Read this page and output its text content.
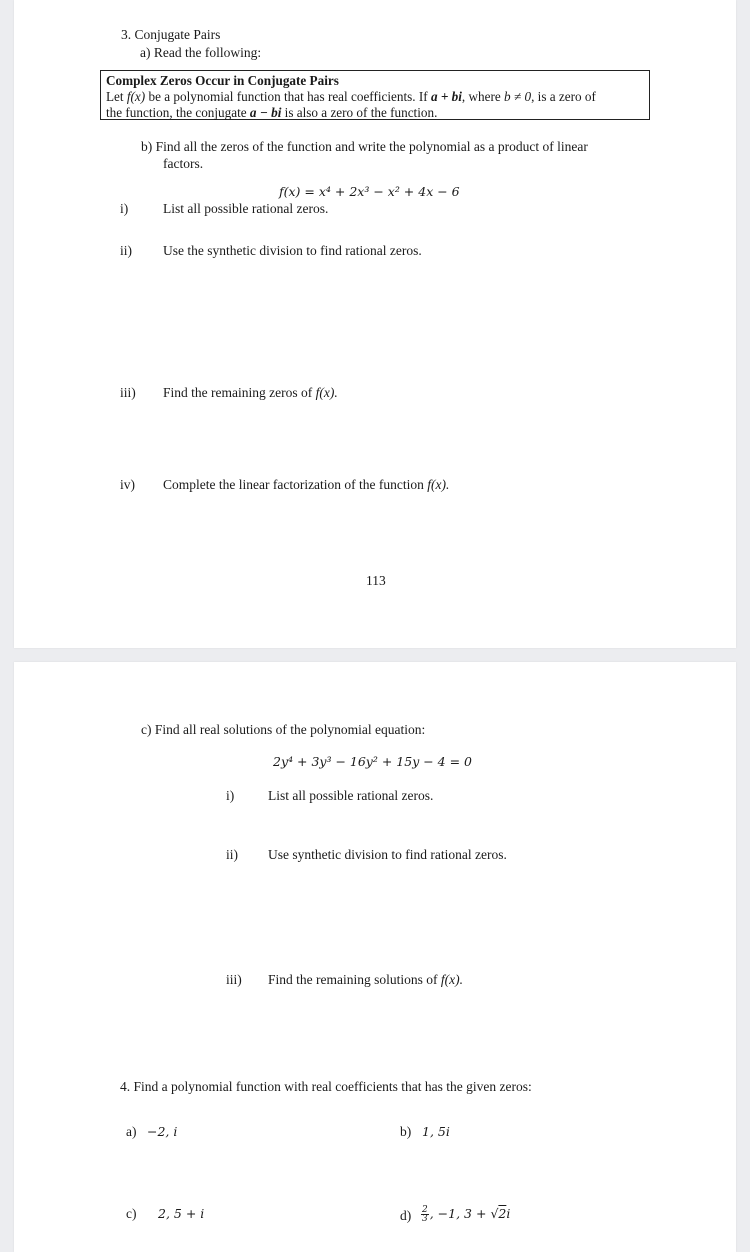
3. Conjugate Pairs
a) Read the following:
Complex Zeros Occur in Conjugate Pairs
Let f(x) be a polynomial function that has real coefficients. If a + bi, where b ≠ 0, is a zero of
the function, the conjugate a − bi is also a zero of the function.
b) Find all the zeros of the function and write the polynomial as a product of linear
factors.
f(x) = x⁴ + 2x³ − x² + 4x − 6
i)	List all possible rational zeros.
ii) Use the synthetic division to find rational zeros.
iii) Find the remaining zeros of f(x).
iv) Complete the linear factorization of the function f(x).
113
c) Find all real solutions of the polynomial equation:
2y⁴ + 3y³ − 16y² + 15y − 4 = 0
i)	List all possible rational zeros.
ii) Use synthetic division to find rational zeros.
iii) Find the remaining solutions of f(x).
4. Find a polynomial function with real coefficients that has the given zeros:
a) −2, i	b) 1, 5i
c) 2, 5 + i	$d) \frac{2}{3}$ , −1, 3 + √2i
